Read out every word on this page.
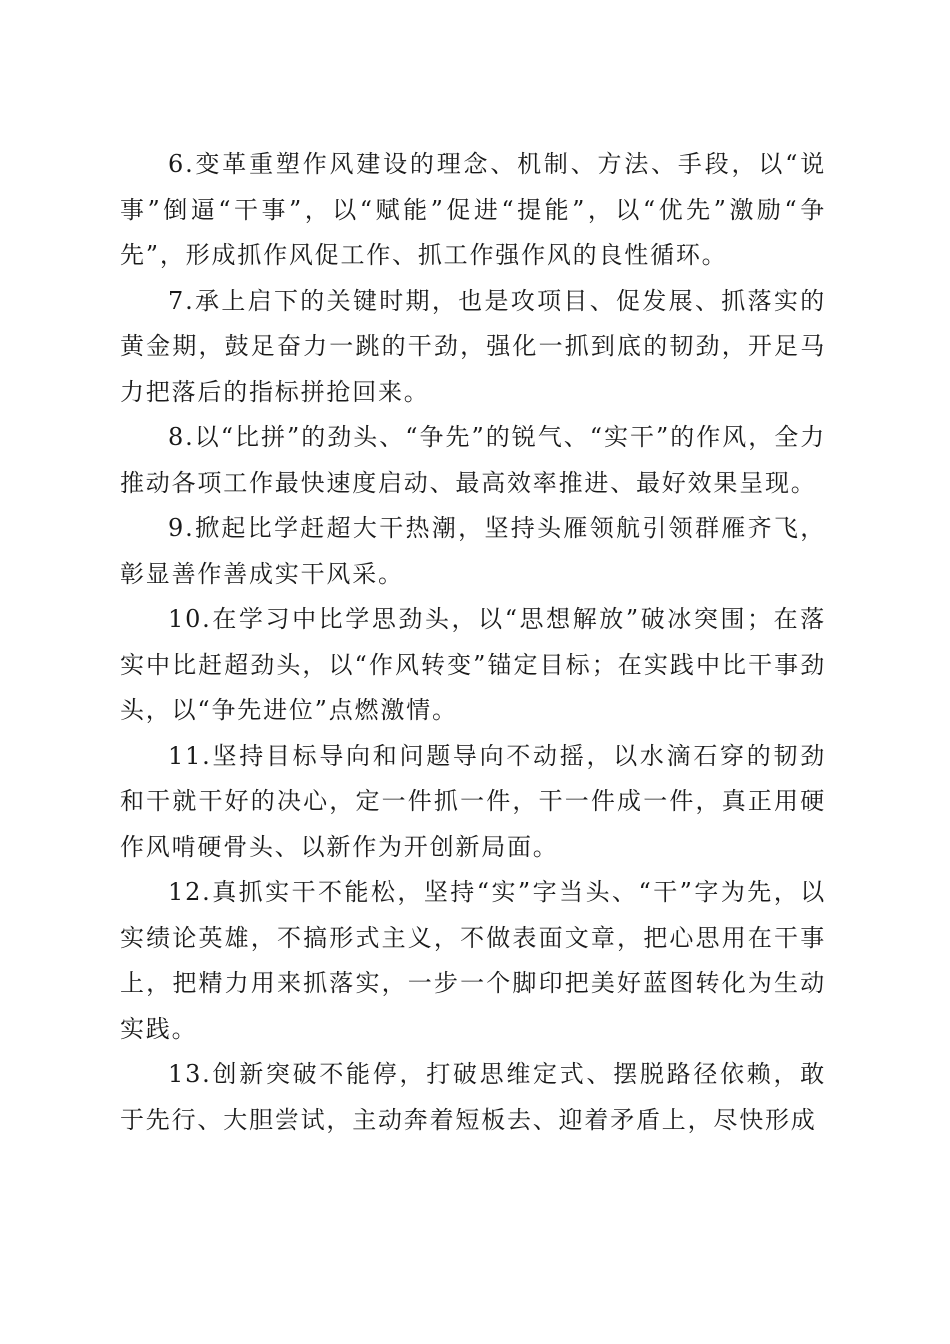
6.变革重塑作风建设的理念、机制、方法、手段，以“说事”倒逼“干事”，以“赋能”促进“提能”，以“优先”激励“争先”，形成抓作风促工作、抓工作强作风的良性循环。

7.承上启下的关键时期，也是攻项目、促发展、抓落实的黄金期，鼓足奋力一跳的干劲，强化一抓到底的韧劲，开足马力把落后的指标拼抢回来。

8.以“比拼”的劲头、“争先”的锐气、“实干”的作风，全力推动各项工作最快速度启动、最高效率推进、最好效果呈现。

9.掀起比学赶超大干热潮，坚持头雁领航引领群雁齐飞，彰显善作善成实干风采。

10.在学习中比学思劲头，以“思想解放”破冰突围；在落实中比赶超劲头，以“作风转变”锚定目标；在实践中比干事劲头，以“争先进位”点燃激情。

11.坚持目标导向和问题导向不动摇，以水滴石穿的韧劲和干就干好的决心，定一件抓一件，干一件成一件，真正用硬作风啃硬骨头、以新作为开创新局面。

12.真抓实干不能松，坚持“实”字当头、“干”字为先，以实绩论英雄，不搞形式主义，不做表面文章，把心思用在干事上，把精力用来抓落实，一步一个脚印把美好蓝图转化为生动实践。

13.创新突破不能停，打破思维定式、摆脱路径依赖，敢于先行、大胆尝试，主动奔着短板去、迎着矛盾上，尽快形成
